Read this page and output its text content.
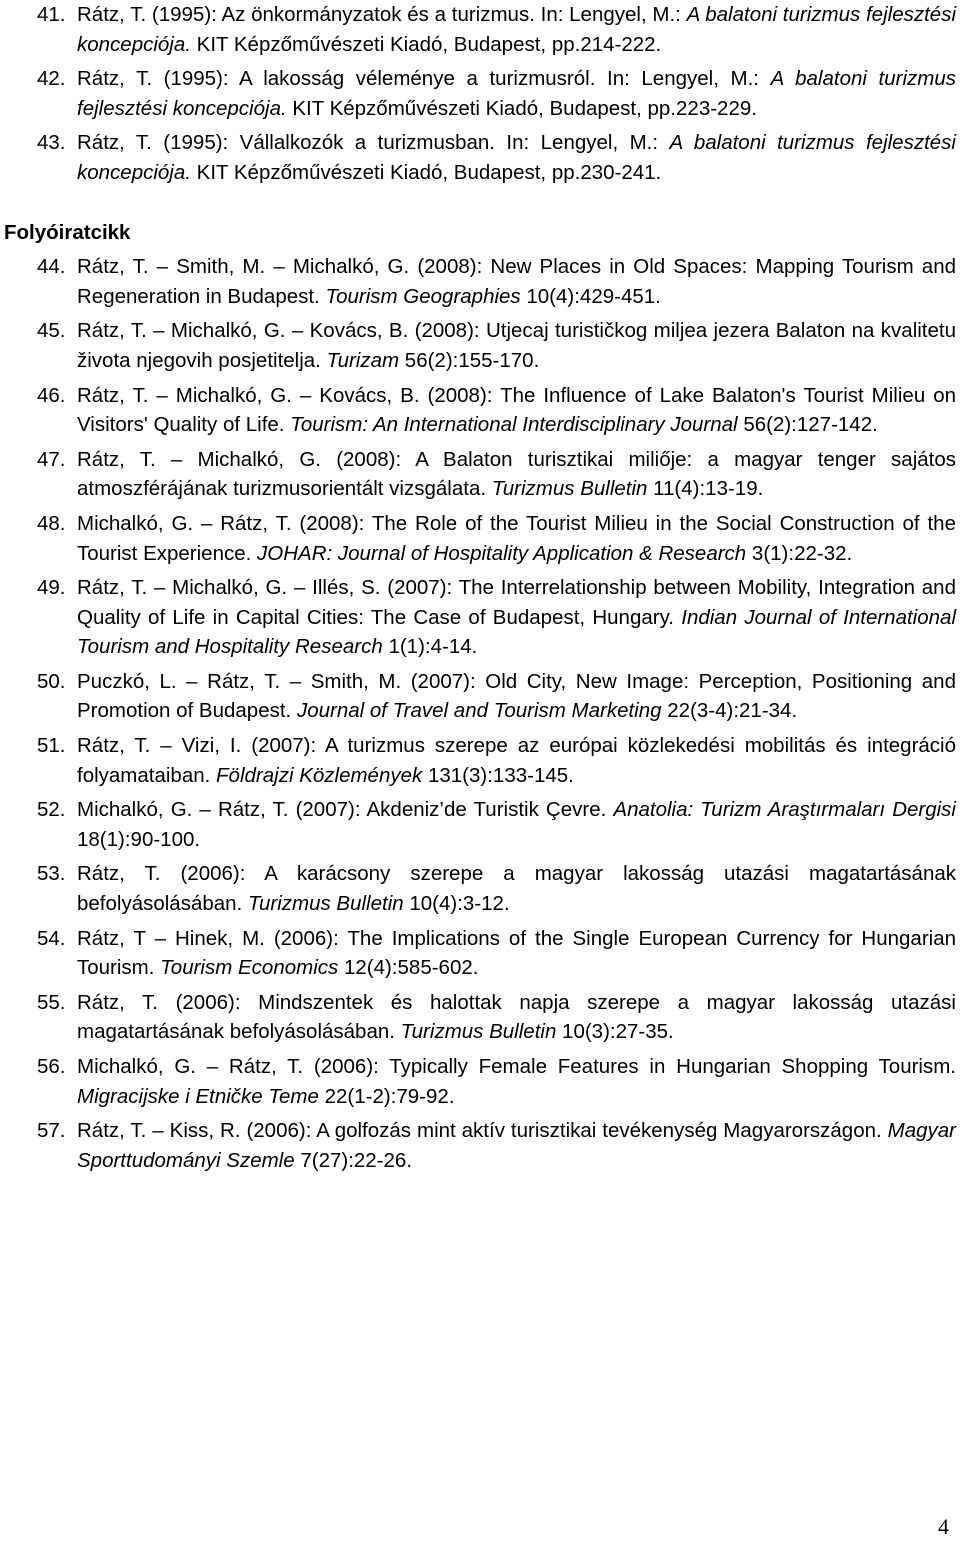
41. Rátz, T. (1995): Az önkormányzatok és a turizmus. In: Lengyel, M.: A balatoni turizmus fejlesztési koncepciója. KIT Képzőművészeti Kiadó, Budapest, pp.214-222.
42. Rátz, T. (1995): A lakosság véleménye a turizmusról. In: Lengyel, M.: A balatoni turizmus fejlesztési koncepciója. KIT Képzőművészeti Kiadó, Budapest, pp.223-229.
43. Rátz, T. (1995): Vállalkozók a turizmusban. In: Lengyel, M.: A balatoni turizmus fejlesztési koncepciója. KIT Képzőművészeti Kiadó, Budapest, pp.230-241.
Folyóiratcikk
44. Rátz, T. – Smith, M. – Michalkó, G. (2008): New Places in Old Spaces: Mapping Tourism and Regeneration in Budapest. Tourism Geographies 10(4):429-451.
45. Rátz, T. – Michalkó, G. – Kovács, B. (2008): Utjecaj turističkog miljea jezera Balaton na kvalitetu života njegovih posjetitelja. Turizam 56(2):155-170.
46. Rátz, T. – Michalkó, G. – Kovács, B. (2008): The Influence of Lake Balaton's Tourist Milieu on Visitors' Quality of Life. Tourism: An International Interdisciplinary Journal 56(2):127-142.
47. Rátz, T. – Michalkó, G. (2008): A Balaton turisztikai miliője: a magyar tenger sajátos atmoszférájának turizmusorientált vizsgálata. Turizmus Bulletin 11(4):13-19.
48. Michalkó, G. – Rátz, T. (2008): The Role of the Tourist Milieu in the Social Construction of the Tourist Experience. JOHAR: Journal of Hospitality Application & Research 3(1):22-32.
49. Rátz, T. – Michalkó, G. – Illés, S. (2007): The Interrelationship between Mobility, Integration and Quality of Life in Capital Cities: The Case of Budapest, Hungary. Indian Journal of International Tourism and Hospitality Research 1(1):4-14.
50. Puczkó, L. – Rátz, T. – Smith, M. (2007): Old City, New Image: Perception, Positioning and Promotion of Budapest. Journal of Travel and Tourism Marketing 22(3-4):21-34.
51. Rátz, T. – Vizi, I. (2007): A turizmus szerepe az európai közlekedési mobilitás és integráció folyamataiban. Földrajzi Közlemények 131(3):133-145.
52. Michalkó, G. – Rátz, T. (2007): Akdeniz’de Turistik Çevre. Anatolia: Turizm Araştırmaları Dergisi 18(1):90-100.
53. Rátz, T. (2006): A karácsony szerepe a magyar lakosság utazási magatartásának befolyásolásában. Turizmus Bulletin 10(4):3-12.
54. Rátz, T – Hinek, M. (2006): The Implications of the Single European Currency for Hungarian Tourism. Tourism Economics 12(4):585-602.
55. Rátz, T. (2006): Mindszentek és halottak napja szerepe a magyar lakosság utazási magatartásának befolyásolásában. Turizmus Bulletin 10(3):27-35.
56. Michalkó, G. – Rátz, T. (2006): Typically Female Features in Hungarian Shopping Tourism. Migracijske i Etničke Teme 22(1-2):79-92.
57. Rátz, T. – Kiss, R. (2006): A golfozás mint aktív turisztikai tevékenység Magyarországon. Magyar Sporttudományi Szemle 7(27):22-26.
4
